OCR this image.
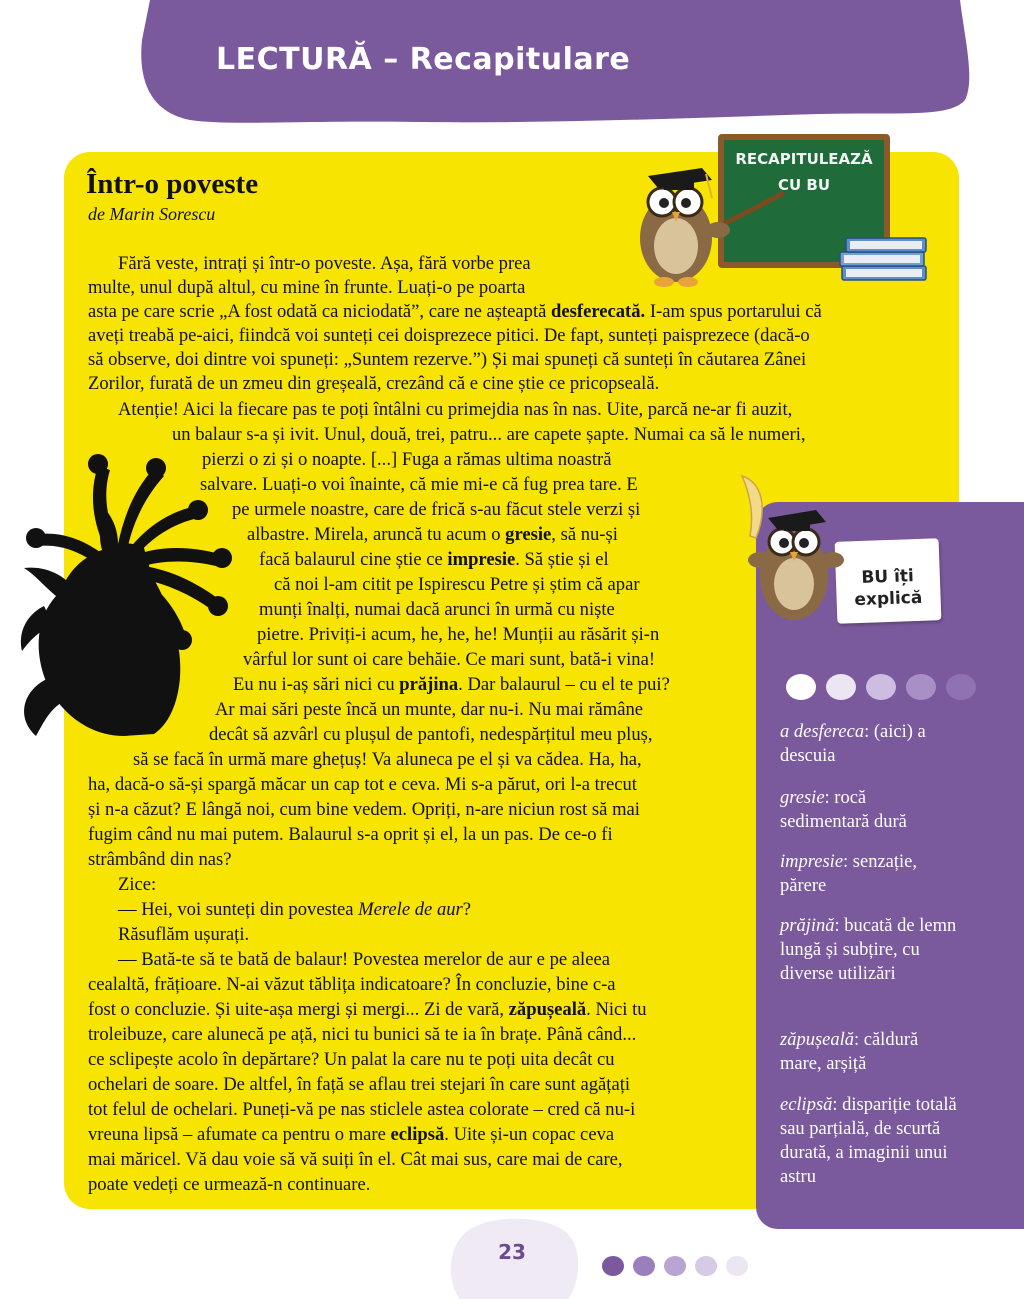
LECTURĂ – Recapitulare
Într-o poveste
de Marin Sorescu
Fără veste, intrați și într-o poveste. Așa, fără vorbe prea
multe, unul după altul, cu mine în frunte. Luați-o pe poarta
asta pe care scrie „A fost odată ca niciodată”, care ne așteaptă desferecată. I-am spus portarului că
aveți treabă pe-aici, fiindcă voi sunteți cei doisprezece pitici. De fapt, sunteți paisprezece (dacă-o
să observe, doi dintre voi spuneți: „Suntem rezerve.”) Și mai spuneți că sunteți în căutarea Zânei
Zorilor, furată de un zmeu din greșeală, crezând că e cine știe ce pricopseală.
Atenție! Aici la fiecare pas te poți întâlni cu primejdia nas în nas. Uite, parcă ne-ar fi auzit,
un balaur s-a și ivit. Unul, două, trei, patru... are capete șapte. Numai ca să le numeri,
pierzi o zi și o noapte. [...] Fuga a rămas ultima noastră
salvare. Luați-o voi înainte, că mie mi-e că fug prea tare. E
pe urmele noastre, care de frică s-au făcut stele verzi și
albastre. Mirela, aruncă tu acum o gresie, să nu-și
facă balaurul cine știe ce impresie. Să știe și el
că noi l-am citit pe Ispirescu Petre și știm că apar
munți înalți, numai dacă arunci în urmă cu niște
pietre. Priviți-i acum, he, he, he! Munții au răsărit și-n
vârful lor sunt oi care behăie. Ce mari sunt, bată-i vina!
Eu nu i-aș sări nici cu prăjina. Dar balaurul – cu el te pui?
Ar mai sări peste încă un munte, dar nu-i. Nu mai rămâne
decât să azvârl cu plușul de pantofi, nedespărțitul meu pluș,
să se facă în urmă mare ghețuș! Va aluneca pe el și va cădea. Ha, ha,
ha, dacă-o să-și spargă măcar un cap tot e ceva. Mi s-a părut, ori l-a trecut
și n-a căzut? E lângă noi, cum bine vedem. Opriți, n-are niciun rost să mai
fugim când nu mai putem. Balaurul s-a oprit și el, la un pas. De ce-o fi
strâmbând din nas?
Zice:
— Hei, voi sunteți din povestea Merele de aur?
Răsuflăm ușurați.
— Bată-te să te bată de balaur! Povestea merelor de aur e pe aleea
cealaltă, frățioare. N-ai văzut tăblița indicatoare? În concluzie, bine c-a
fost o concluzie. Și uite-așa mergi și mergi... Zi de vară, zăpușeală. Nici tu
troleibuze, care alunecă pe ață, nici tu bunici să te ia în brațe. Până când...
ce sclipește acolo în depărtare? Un palat la care nu te poți uita decât cu
ochelari de soare. De altfel, în față se aflau trei stejari în care sunt agățați
tot felul de ochelari. Puneți-vă pe nas sticlele astea colorate – cred că nu-i
vreuna lipsă – afumate ca pentru o mare eclipsă. Uite și-un copac ceva
mai măricel. Vă dau voie să vă suiți în el. Cât mai sus, care mai de care,
poate vedeți ce urmează-n continuare.
RECAPITULEAZĂ
CU BU
BU îți
explică
a desfereca: (aici) a descuia
gresie: rocă sedimentară dură
impresie: senzație, părere
prăjină: bucată de lemn lungă și subțire, cu diverse utilizări
zăpușeală: căldură mare, arșiță
eclipsă: dispariție totală sau parțială, de scurtă durată, a imaginii unui astru
23
